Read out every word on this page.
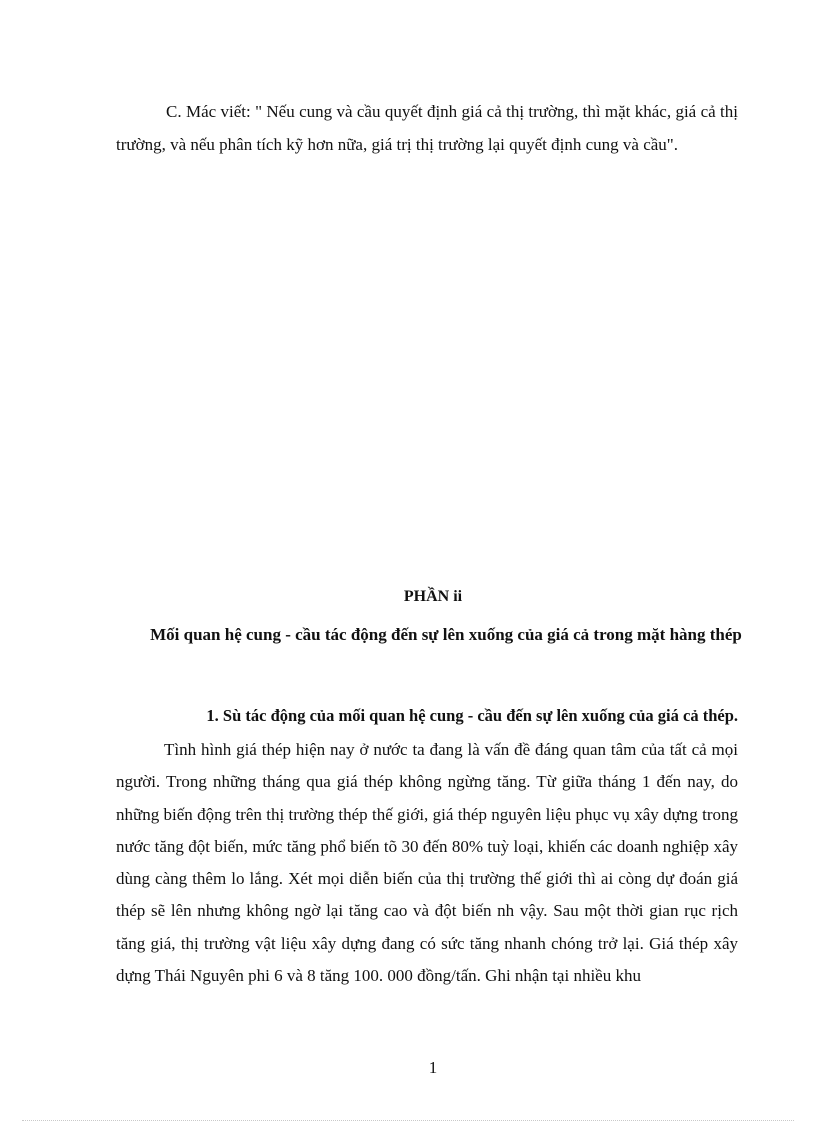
C. Mác viết: " Nếu cung và cầu quyết định giá cả thị trường, thì mặt khác, giá cả thị trường, và nếu phân tích kỹ hơn nữa, giá trị thị trường lại quyết định cung và cầu".

PHẦN ii
Mối quan hệ cung - cầu tác động đến sự lên xuống của giá cả trong mặt hàng thép
1. Sù tác động của mối quan hệ cung - cầu đến sự lên xuống của giá cả thép.

Tình hình giá thép hiện nay ở nước ta đang là vấn đề đáng quan tâm của tất cả mọi người. Trong những tháng qua giá thép không ngừng tăng. Từ giữa tháng 1 đến nay, do những biến động trên thị trường thép thế giới, giá thép nguyên liệu phục vụ xây dựng trong nước tăng đột biến, mức tăng phổ biến tõ 30 đến 80% tuỳ loại, khiến các doanh nghiệp xây dùng càng thêm lo lắng. Xét mọi diễn biến của thị trường thế giới thì ai còng dự đoán giá thép sẽ lên nhưng không ngờ lại tăng cao và đột biến nh vậy. Sau một thời gian rục rịch tăng giá, thị trường vật liệu xây dựng đang có sức tăng nhanh chóng trở lại. Giá thép xây dựng Thái Nguyên phi 6 và 8 tăng 100. 000 đồng/tấn. Ghi nhận tại nhiều khu

1
